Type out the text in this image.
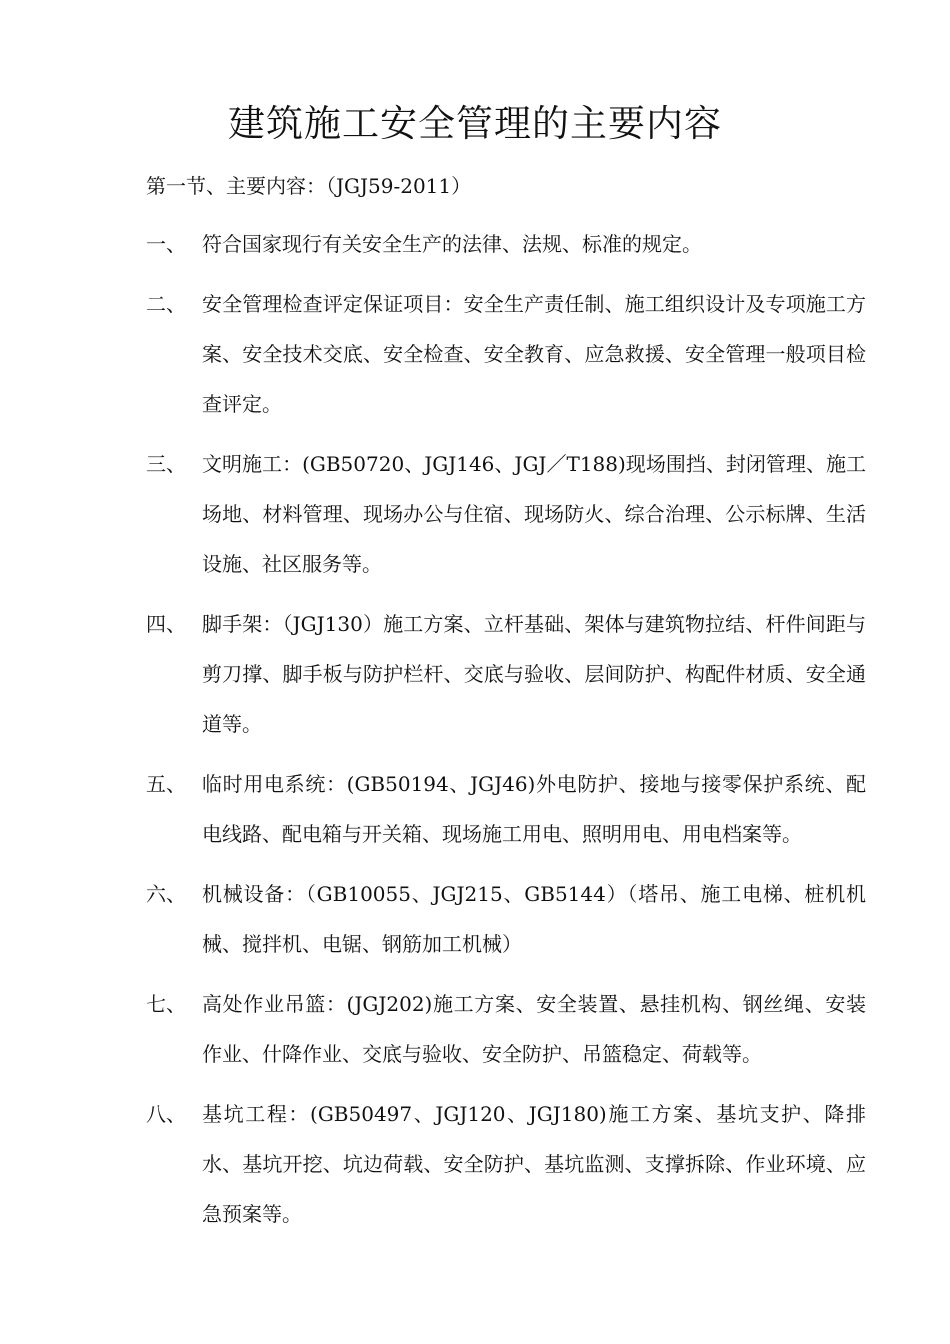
建筑施工安全管理的主要内容
第一节、主要内容：（JGJ59-2011）
一、 符合国家现行有关安全生产的法律、法规、标准的规定。
二、 安全管理检查评定保证项目：安全生产责任制、施工组织设计及专项施工方案、安全技术交底、安全检查、安全教育、应急救援、安全管理一般项目检查评定。
三、 文明施工：(GB50720、JGJ146、JGJ／T188)现场围挡、封闭管理、施工场地、材料管理、现场办公与住宿、现场防火、综合治理、公示标牌、生活设施、社区服务等。
四、 脚手架：（JGJ130）施工方案、立杆基础、架体与建筑物拉结、杆件间距与剪刀撑、脚手板与防护栏杆、交底与验收、层间防护、构配件材质、安全通道等。
五、 临时用电系统：(GB50194、JGJ46)外电防护、接地与接零保护系统、配电线路、配电箱与开关箱、现场施工用电、照明用电、用电档案等。
六、 机械设备：（GB10055、JGJ215、GB5144）（塔吊、施工电梯、桩机机械、搅拌机、电锯、钢筋加工机械）
七、 高处作业吊篮：(JGJ202)施工方案、安全装置、悬挂机构、钢丝绳、安装作业、什降作业、交底与验收、安全防护、吊篮稳定、荷载等。
八、 基坑工程：(GB50497、JGJ120、JGJ180)施工方案、基坑支护、降排水、基坑开挖、坑边荷载、安全防护、基坑监测、支撑拆除、作业环境、应急预案等。
